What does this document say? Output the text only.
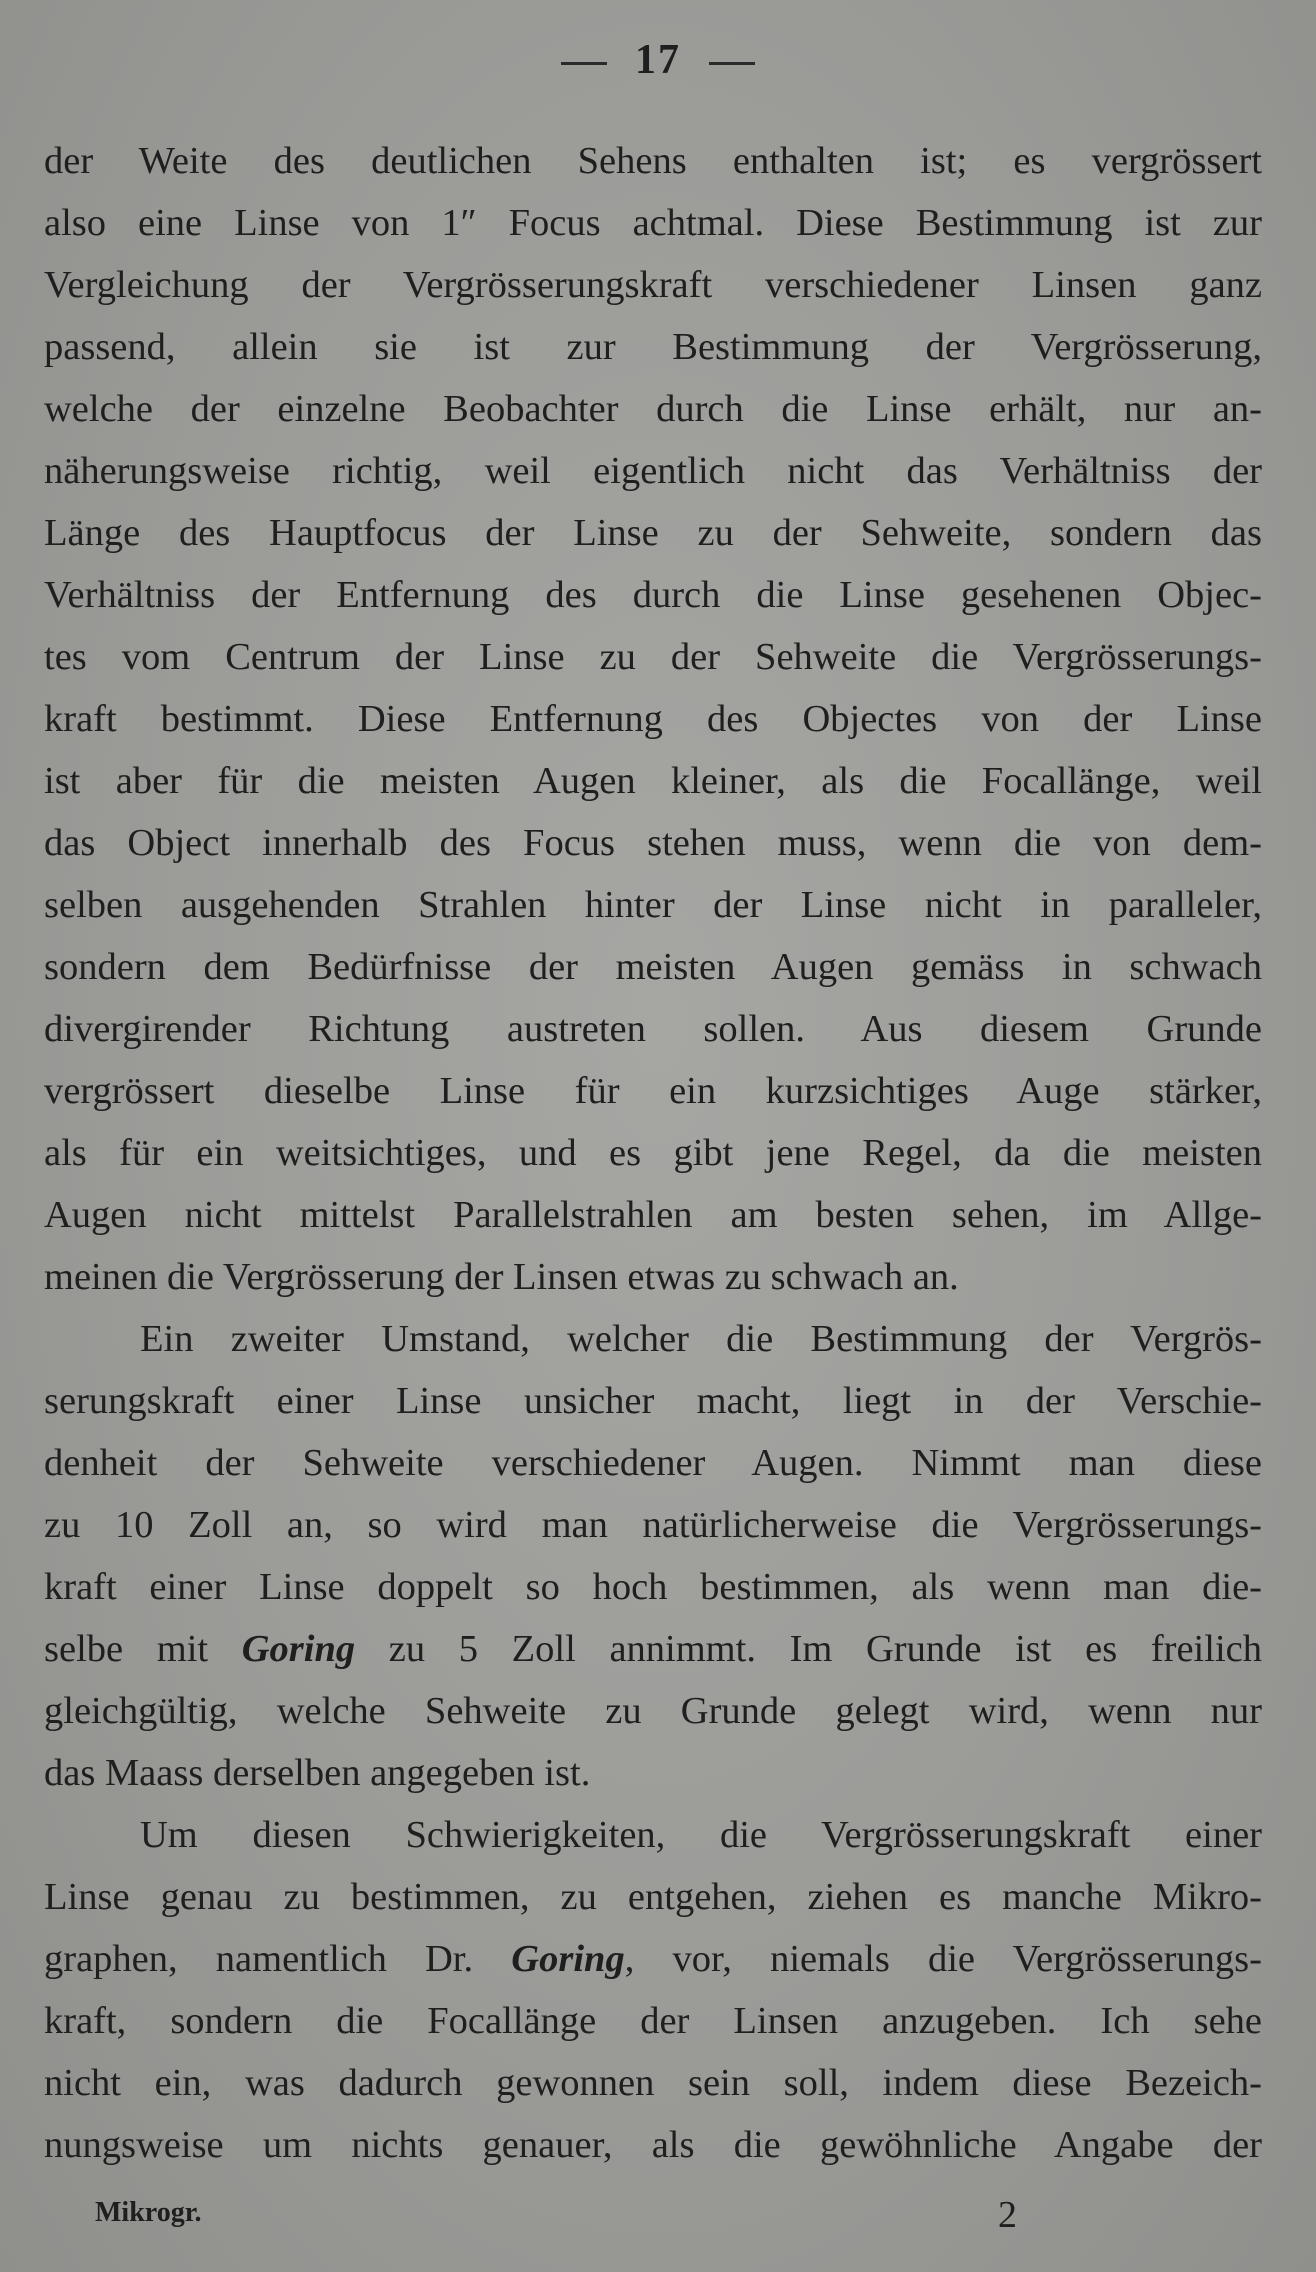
17
der Weite des deutlichen Sehens enthalten ist; es vergrössert
also eine Linse von 1″ Focus achtmal. Diese Bestimmung ist zur
Vergleichung der Vergrösserungskraft verschiedener Linsen ganz
passend, allein sie ist zur Bestimmung der Vergrösserung,
welche der einzelne Beobachter durch die Linse erhält, nur an-
näherungsweise richtig, weil eigentlich nicht das Verhältniss der
Länge des Hauptfocus der Linse zu der Sehweite, sondern das
Verhältniss der Entfernung des durch die Linse gesehenen Objec-
tes vom Centrum der Linse zu der Sehweite die Vergrösserungs-
kraft bestimmt. Diese Entfernung des Objectes von der Linse
ist aber für die meisten Augen kleiner, als die Focallänge, weil
das Object innerhalb des Focus stehen muss, wenn die von dem-
selben ausgehenden Strahlen hinter der Linse nicht in paralleler,
sondern dem Bedürfnisse der meisten Augen gemäss in schwach
divergirender Richtung austreten sollen. Aus diesem Grunde
vergrössert dieselbe Linse für ein kurzsichtiges Auge stärker,
als für ein weitsichtiges, und es gibt jene Regel, da die meisten
Augen nicht mittelst Parallelstrahlen am besten sehen, im Allge-
meinen die Vergrösserung der Linsen etwas zu schwach an.
Ein zweiter Umstand, welcher die Bestimmung der Vergrös-
serungskraft einer Linse unsicher macht, liegt in der Verschie-
denheit der Sehweite verschiedener Augen. Nimmt man diese
zu 10 Zoll an, so wird man natürlicherweise die Vergrösserungs-
kraft einer Linse doppelt so hoch bestimmen, als wenn man die-
selbe mit Goring zu 5 Zoll annimmt. Im Grunde ist es freilich
gleichgültig, welche Sehweite zu Grunde gelegt wird, wenn nur
das Maass derselben angegeben ist.
Um diesen Schwierigkeiten, die Vergrösserungskraft einer
Linse genau zu bestimmen, zu entgehen, ziehen es manche Mikro-
graphen, namentlich Dr. Goring, vor, niemals die Vergrösserungs-
kraft, sondern die Focallänge der Linsen anzugeben. Ich sehe
nicht ein, was dadurch gewonnen sein soll, indem diese Bezeich-
nungsweise um nichts genauer, als die gewöhnliche Angabe der
Mikrogr.	2
